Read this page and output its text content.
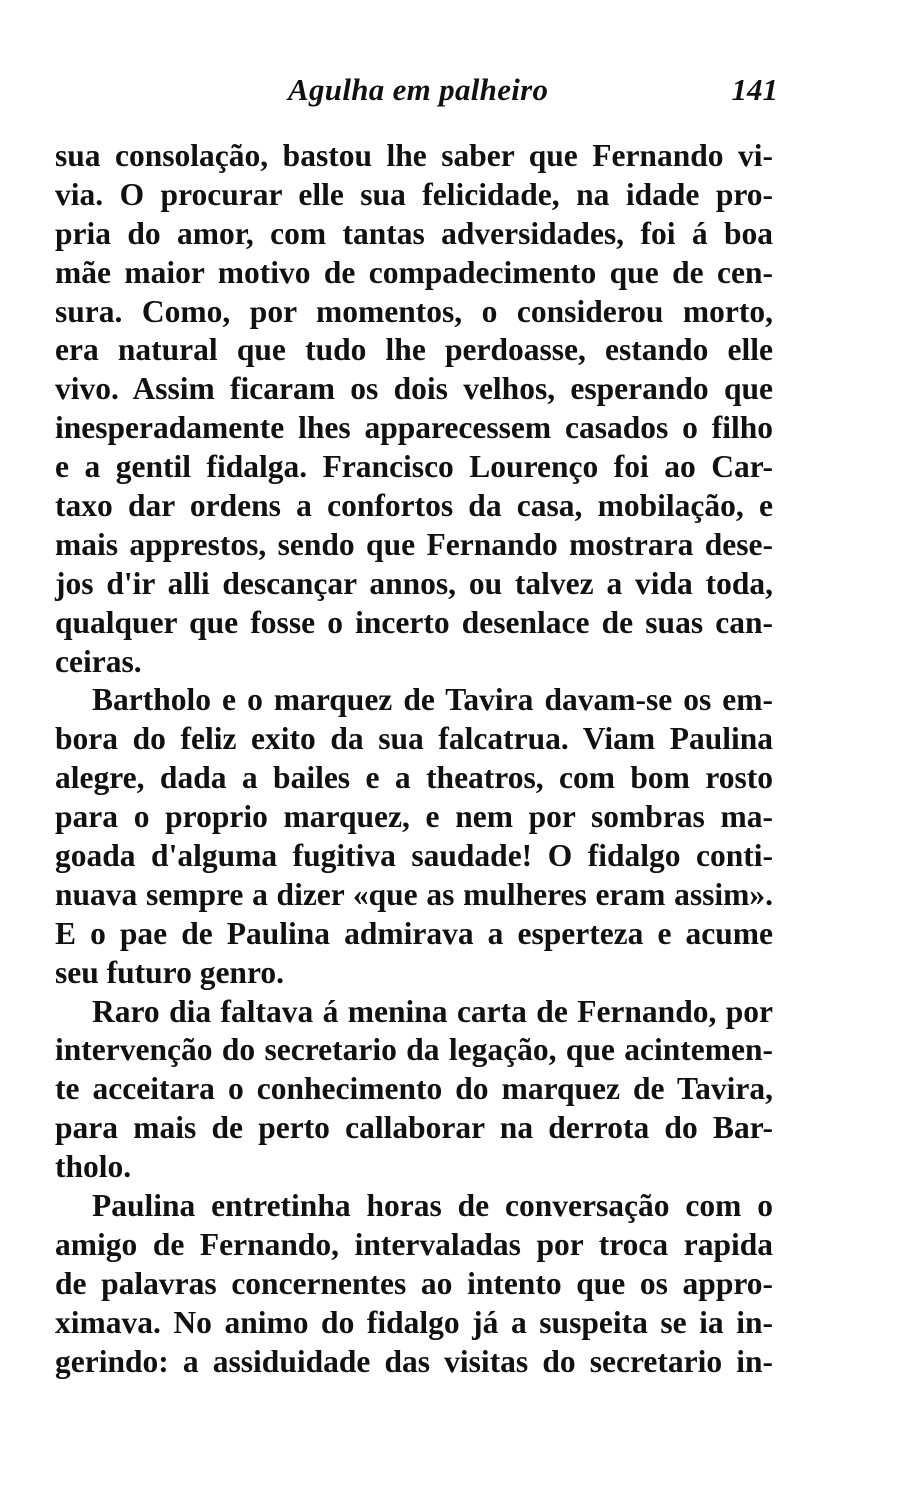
Agulha em palheiro	141
sua consolação, bastou lhe saber que Fernando vi-
via. O procurar elle sua felicidade, na idade pro-
pria do amor, com tantas adversidades, foi á boa
mãe maior motivo de compadecimento que de cen-
sura. Como, por momentos, o considerou morto,
era natural que tudo lhe perdoasse, estando elle
vivo. Assim ficaram os dois velhos, esperando que
inesperadamente lhes apparecessem casados o filho
e a gentil fidalga. Francisco Lourenço foi ao Car-
taxo dar ordens a confortos da casa, mobilação, e
mais apprestos, sendo que Fernando mostrara dese-
jos d'ir alli descançar annos, ou talvez a vida toda,
qualquer que fosse o incerto desenlace de suas can-
ceiras.
Bartholo e o marquez de Tavira davam-se os em-
bora do feliz exito da sua falcatrua. Viam Paulina
alegre, dada a bailes e a theatros, com bom rosto
para o proprio marquez, e nem por sombras ma-
goada d'alguma fugitiva saudade! O fidalgo conti-
nuava sempre a dizer «que as mulheres eram assim».
E o pae de Paulina admirava a esperteza e acume
seu futuro genro.
Raro dia faltava á menina carta de Fernando, por
intervenção do secretario da legação, que acintemen-
te acceitara o conhecimento do marquez de Tavira,
para mais de perto callaborar na derrota do Bar-
tholo.
Paulina entretinha horas de conversação com o
amigo de Fernando, intervaladas por troca rapida
de palavras concernentes ao intento que os appro-
ximava. No animo do fidalgo já a suspeita se ia in-
gerindo: a assiduidade das visitas do secretario in-
